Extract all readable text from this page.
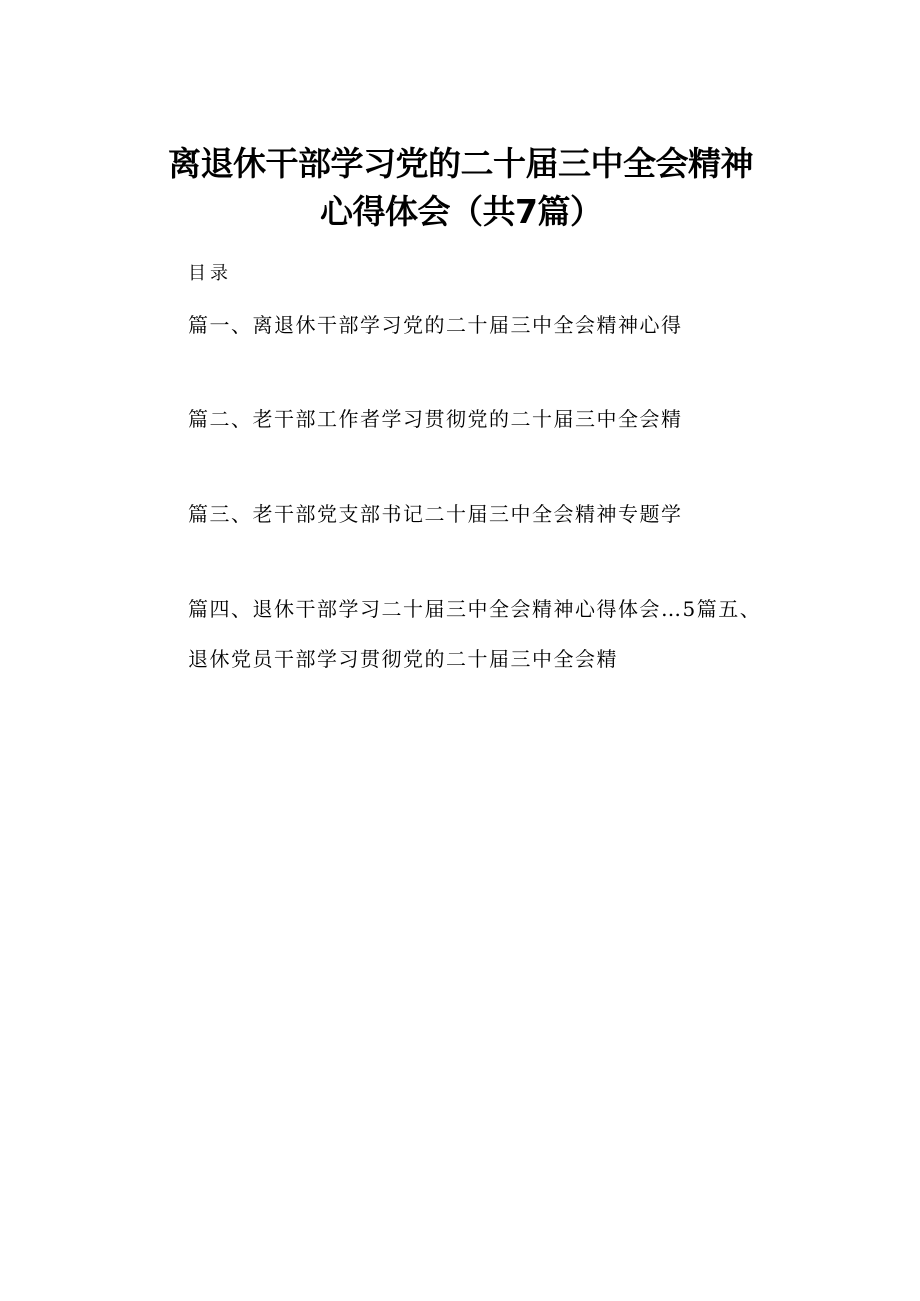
离退休干部学习党的二十届三中全会精神
心得体会（共7篇）
目录
篇一、离退休干部学习党的二十届三中全会精神心得
篇二、老干部工作者学习贯彻党的二十届三中全会精
篇三、老干部党支部书记二十届三中全会精神专题学
篇四、退休干部学习二十届三中全会精神心得体会…5篇五、
退休党员干部学习贯彻党的二十届三中全会精
